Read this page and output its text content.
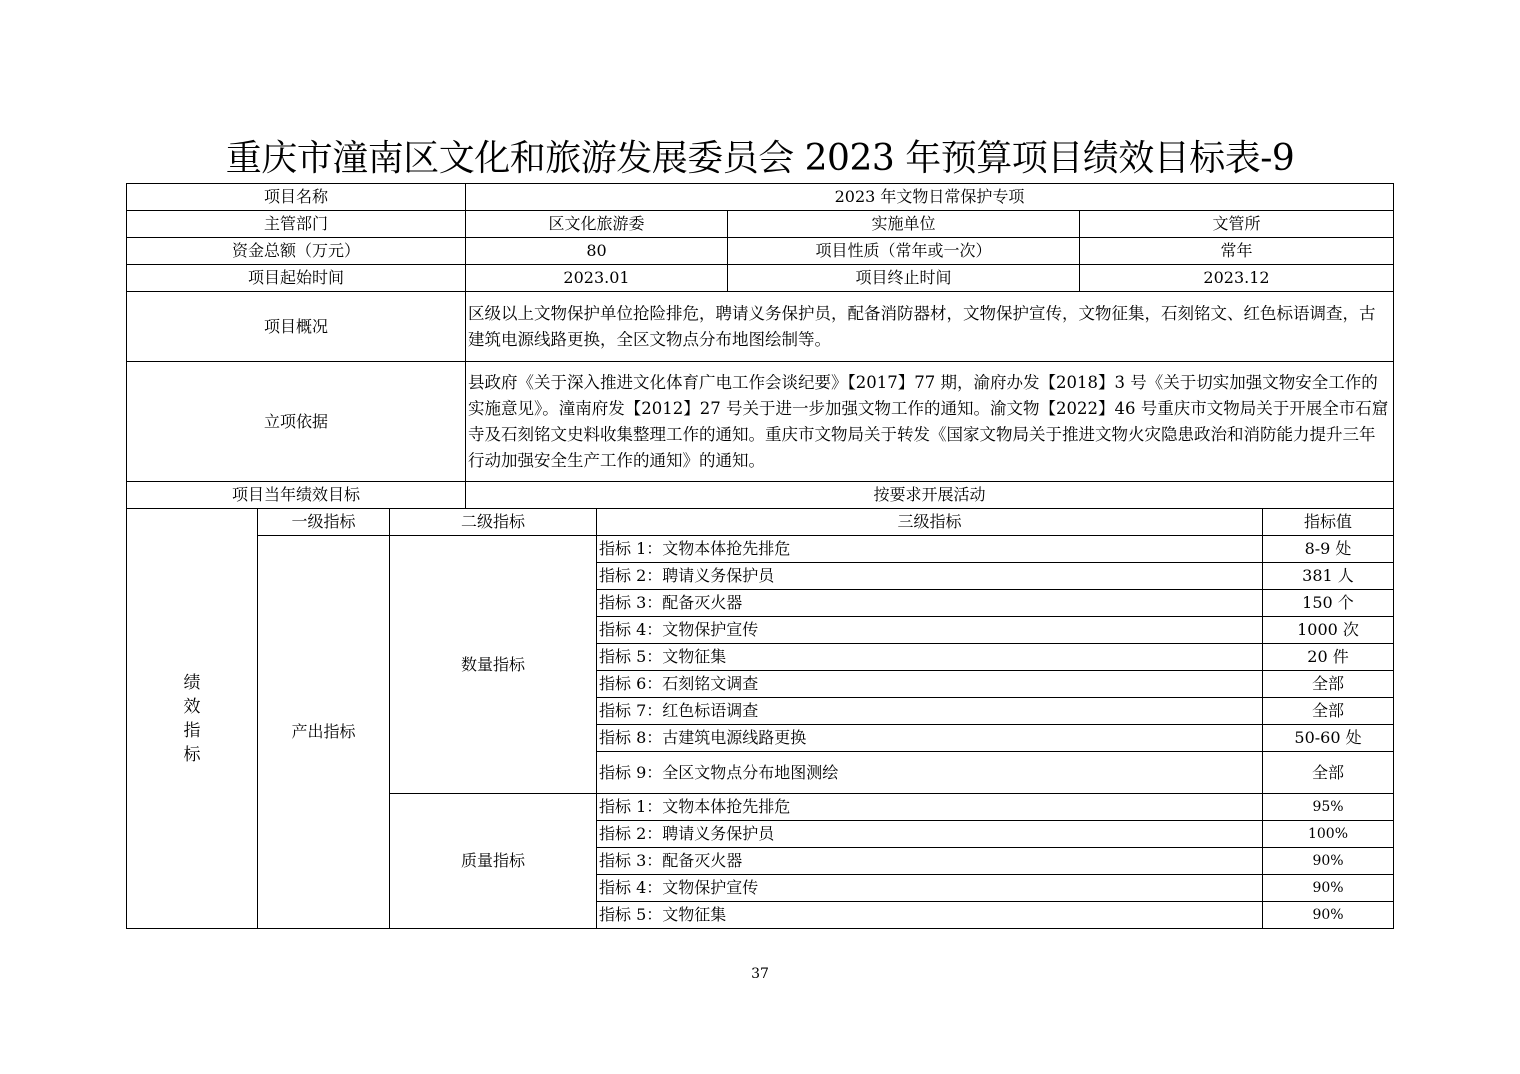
重庆市潼南区文化和旅游发展委员会 2023 年预算项目绩效目标表-9
项目名称			2023 年文物日常保护专项				
主管部门			区文化旅游委		实施单位	文管所	
资金总额（万元）			80		项目性质（常年或一次）	常年	
项目起始时间			2023.01		项目终止时间	2023.12	
项目概况			区级以上文物保护单位抢险排危，聘请义务保护员，配备消防器材，文物保护宣传，文物征集，石刻铭文、红色标语调查，古建筑电源线路更换，全区文物点分布地图绘制等。				
立项依据			县政府《关于深入推进文化体育广电工作会谈纪要》【2017】77 期，渝府办发【2018】3 号《关于切实加强文物安全工作的实施意见》。潼南府发【2012】27 号关于进一步加强文物工作的通知。渝文物【2022】46 号重庆市文物局关于开展全市石窟寺及石刻铭文史料收集整理工作的通知。重庆市文物局关于转发《国家文物局关于推进文物火灾隐患政治和消防能力提升三年行动加强安全生产工作的通知》的通知。				
项目当年绩效目标			按要求开展活动				

绩
效
指
标	一级指标	二级指标		三级指标			指标值
	产出指标	数量指标		指标 1：文物本体抢先排危			8-9 处
				指标 2：聘请义务保护员			381 人
				指标 3：配备灭火器			150 个
				指标 4：文物保护宣传			1000 次
				指标 5：文物征集			20 件
				指标 6：石刻铭文调查			全部
				指标 7：红色标语调查			全部
				指标 8：古建筑电源线路更换			50-60 处
				指标 9：全区文物点分布地图测绘			全部
		质量指标		指标 1：文物本体抢先排危			95%
				指标 2：聘请义务保护员			100%
				指标 3：配备灭火器			90%
				指标 4：文物保护宣传			90%
				指标 5：文物征集			90%
37
